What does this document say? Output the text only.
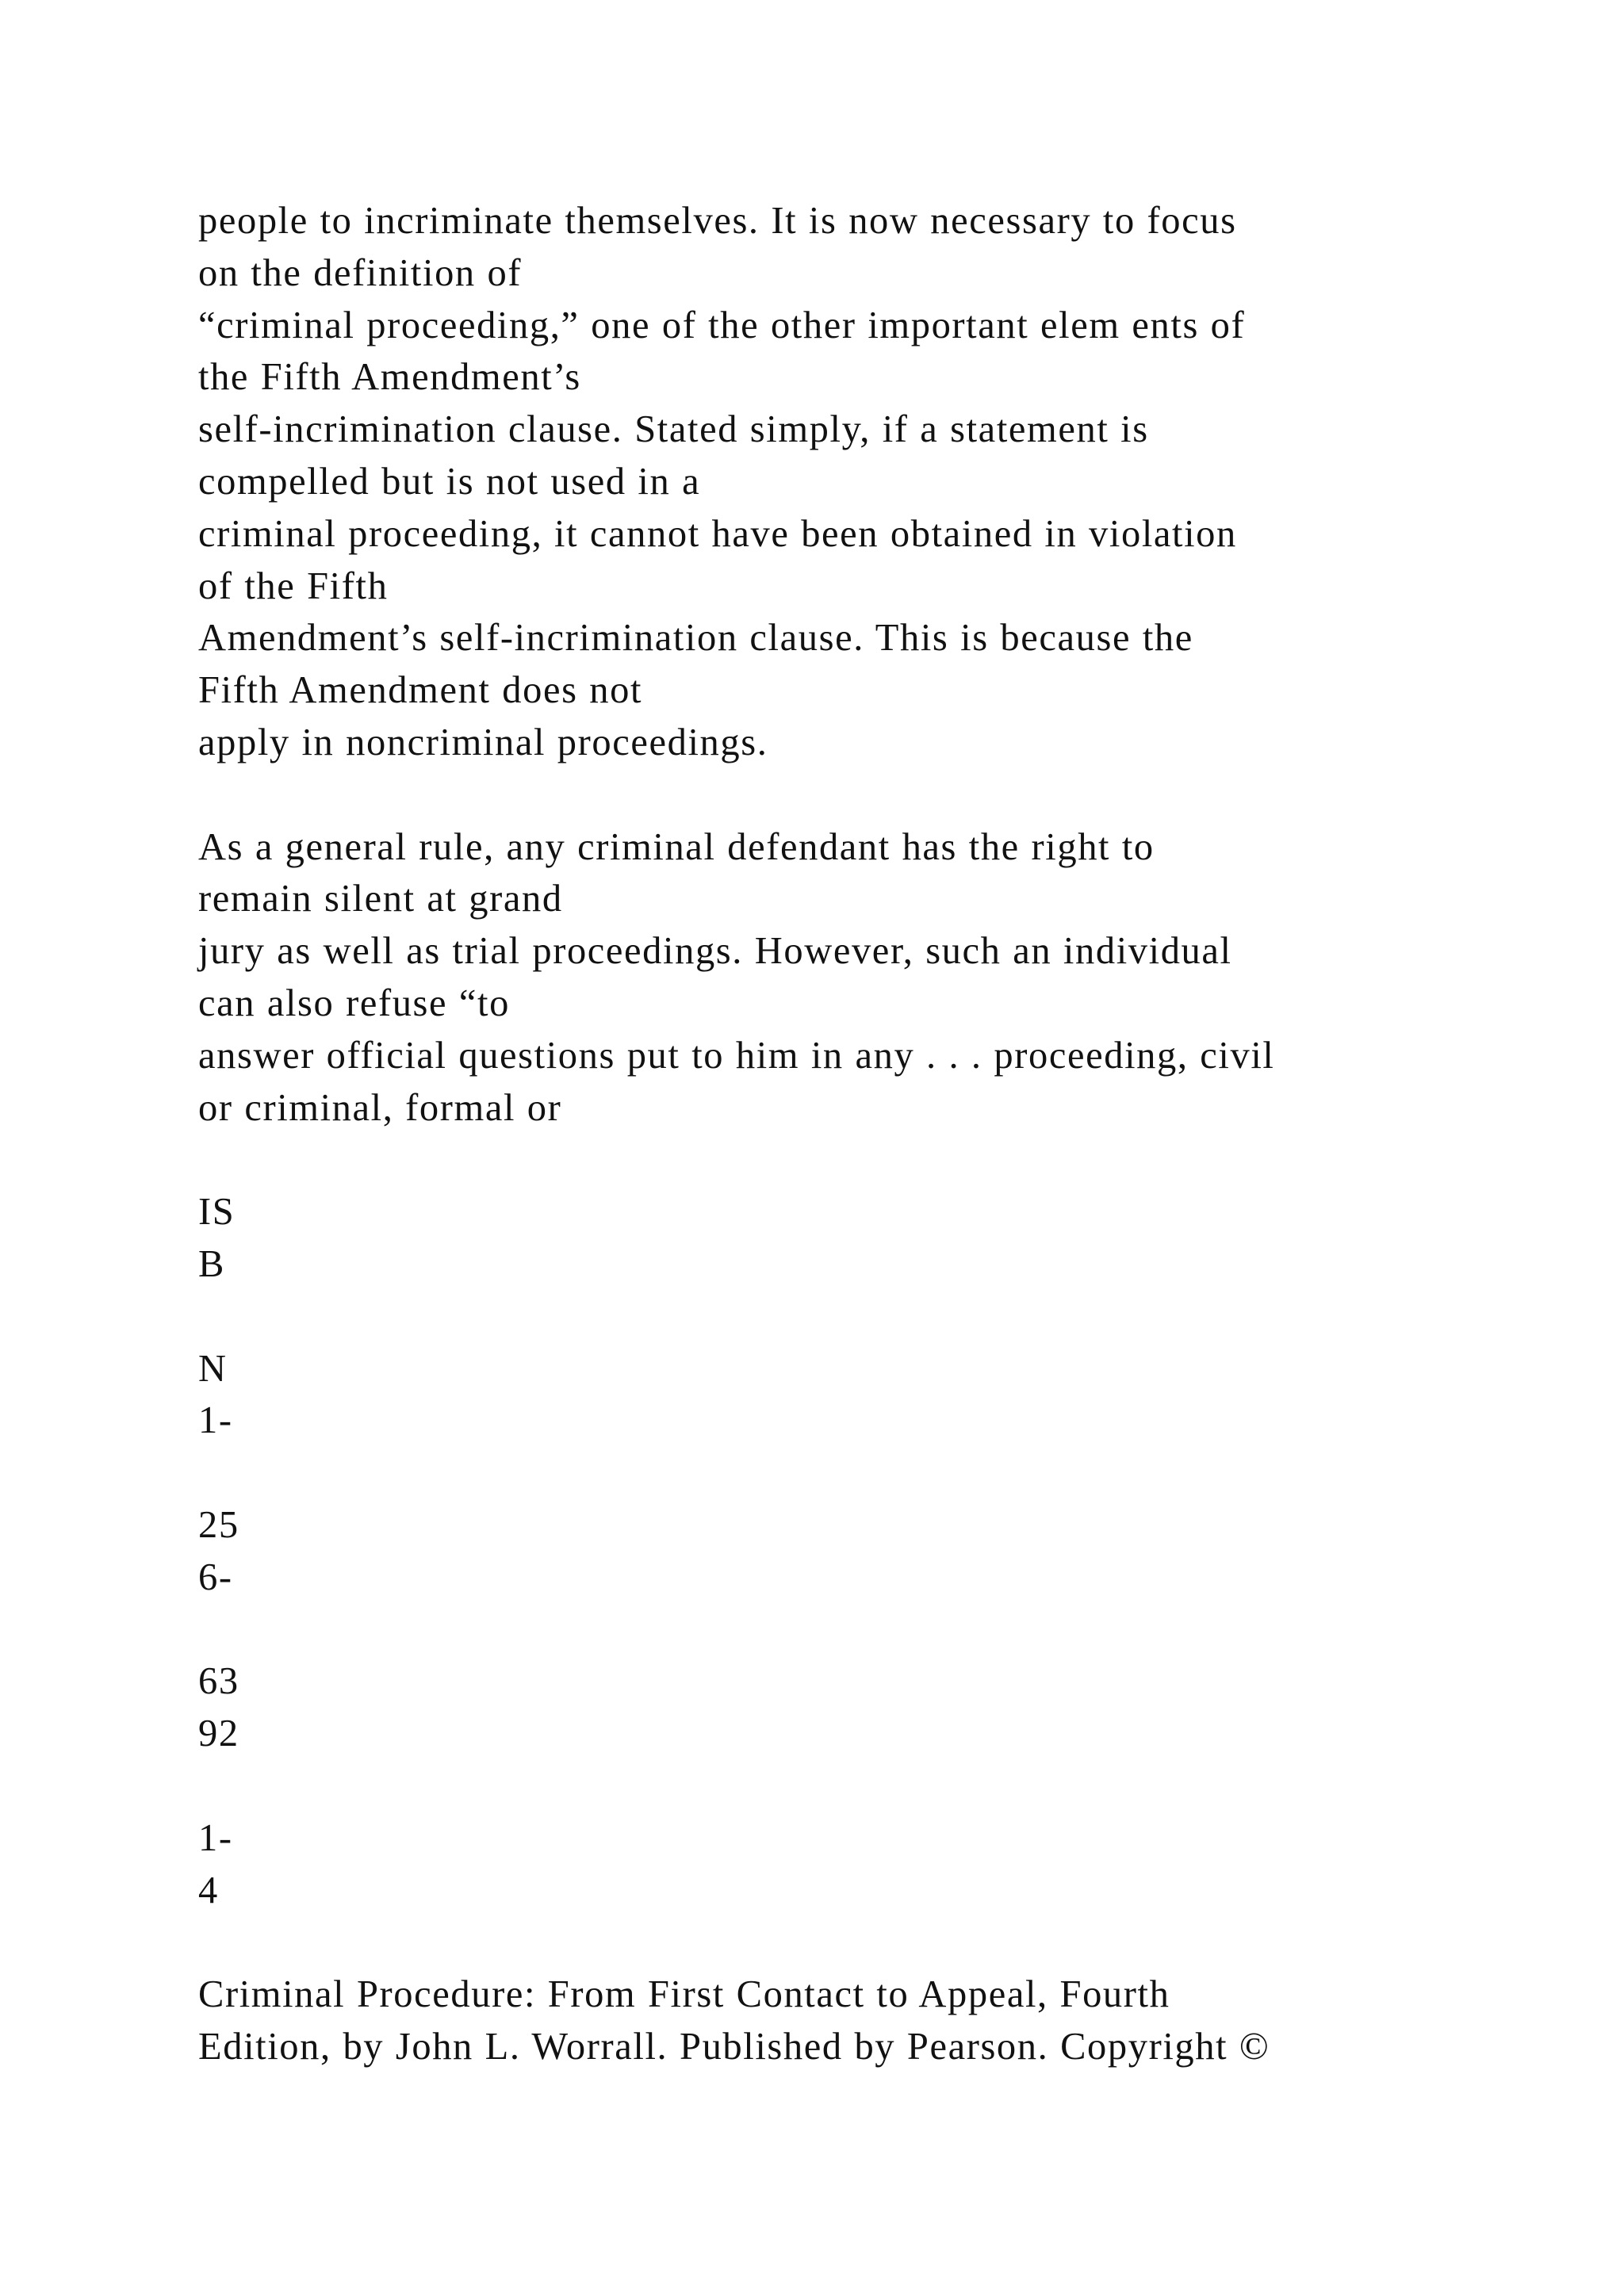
people to incriminate themselves. It is now necessary to focus
on the definition of
“criminal proceeding,” one of the other important elem ents of
the Fifth Amendment’s
self-incrimination clause. Stated simply, if a statement is
compelled but is not used in a
criminal proceeding, it cannot have been obtained in violation
of the Fifth
Amendment’s self-incrimination clause. This is because the
Fifth Amendment does not
apply in noncriminal proceedings.
As a general rule, any criminal defendant has the right to
remain silent at grand
jury as well as trial proceedings. However, such an individual
can also refuse “to
answer official questions put to him in any . . . proceeding, civil
or criminal, formal or
IS
B
N
1-
25
6-
63
92
1-
4
Criminal Procedure: From First Contact to Appeal, Fourth
Edition, by John L. Worrall. Published by Pearson. Copyright ©
